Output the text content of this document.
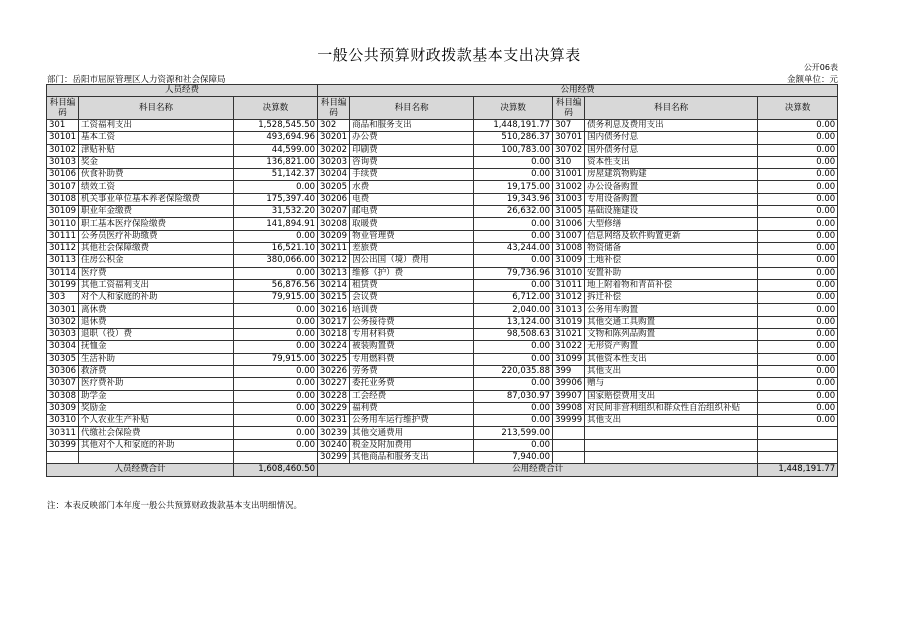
一般公共预算财政拨款基本支出决算表
公开06表
部门：岳阳市屈原管理区人力资源和社会保障局	金额单位：元
人员经费			公用经费					
科目编码	科目名称	决算数	科目编码	科目名称	决算数	科目编码	科目名称	决算数
301	工资福利支出	1,528,545.50	302	商品和服务支出	1,448,191.77	307	债务利息及费用支出	0.00
30101	基本工资	493,694.96	30201	办公费	510,286.37	30701	国内债务付息	0.00
30102	津贴补贴	44,599.00	30202	印刷费	100,783.00	30702	国外债务付息	0.00
30103	奖金	136,821.00	30203	咨询费	0.00	310	资本性支出	0.00
30106	伙食补助费	51,142.37	30204	手续费	0.00	31001	房屋建筑物购建	0.00
30107	绩效工资	0.00	30205	水费	19,175.00	31002	办公设备购置	0.00
30108	机关事业单位基本养老保险缴费	175,397.40	30206	电费	19,343.96	31003	专用设备购置	0.00
30109	职业年金缴费	31,532.20	30207	邮电费	26,632.00	31005	基础设施建设	0.00
30110	职工基本医疗保险缴费	141,894.91	30208	取暖费	0.00	31006	大型修缮	0.00
30111	公务员医疗补助缴费	0.00	30209	物业管理费	0.00	31007	信息网络及软件购置更新	0.00
30112	其他社会保障缴费	16,521.10	30211	差旅费	43,244.00	31008	物资储备	0.00
30113	住房公积金	380,066.00	30212	因公出国（境）费用	0.00	31009	土地补偿	0.00
30114	医疗费	0.00	30213	维修（护）费	79,736.96	31010	安置补助	0.00
30199	其他工资福利支出	56,876.56	30214	租赁费	0.00	31011	地上附着物和青苗补偿	0.00
303	对个人和家庭的补助	79,915.00	30215	会议费	6,712.00	31012	拆迁补偿	0.00
30301	离休费	0.00	30216	培训费	2,040.00	31013	公务用车购置	0.00
30302	退休费	0.00	30217	公务接待费	13,124.00	31019	其他交通工具购置	0.00
30303	退职（役）费	0.00	30218	专用材料费	98,508.63	31021	文物和陈列品购置	0.00
30304	抚恤金	0.00	30224	被装购置费	0.00	31022	无形资产购置	0.00
30305	生活补助	79,915.00	30225	专用燃料费	0.00	31099	其他资本性支出	0.00
30306	救济费	0.00	30226	劳务费	220,035.88	399	其他支出	0.00
30307	医疗费补助	0.00	30227	委托业务费	0.00	39906	赠与	0.00
30308	助学金	0.00	30228	工会经费	87,030.97	39907	国家赔偿费用支出	0.00
30309	奖励金	0.00	30229	福利费	0.00	39908	对民间非营利组织和群众性自治组织补贴	0.00
30310	个人农业生产补贴	0.00	30231	公务用车运行维护费	0.00	39999	其他支出	0.00
30311	代缴社会保险费	0.00	30239	其他交通费用	213,599.00			
30399	其他对个人和家庭的补助	0.00	30240	税金及附加费用	0.00			
			30299	其他商品和服务支出	7,940.00			
人员经费合计		1,608,460.50	公用经费合计					1,448,191.77
注：本表反映部门本年度一般公共预算财政拨款基本支出明细情况。
